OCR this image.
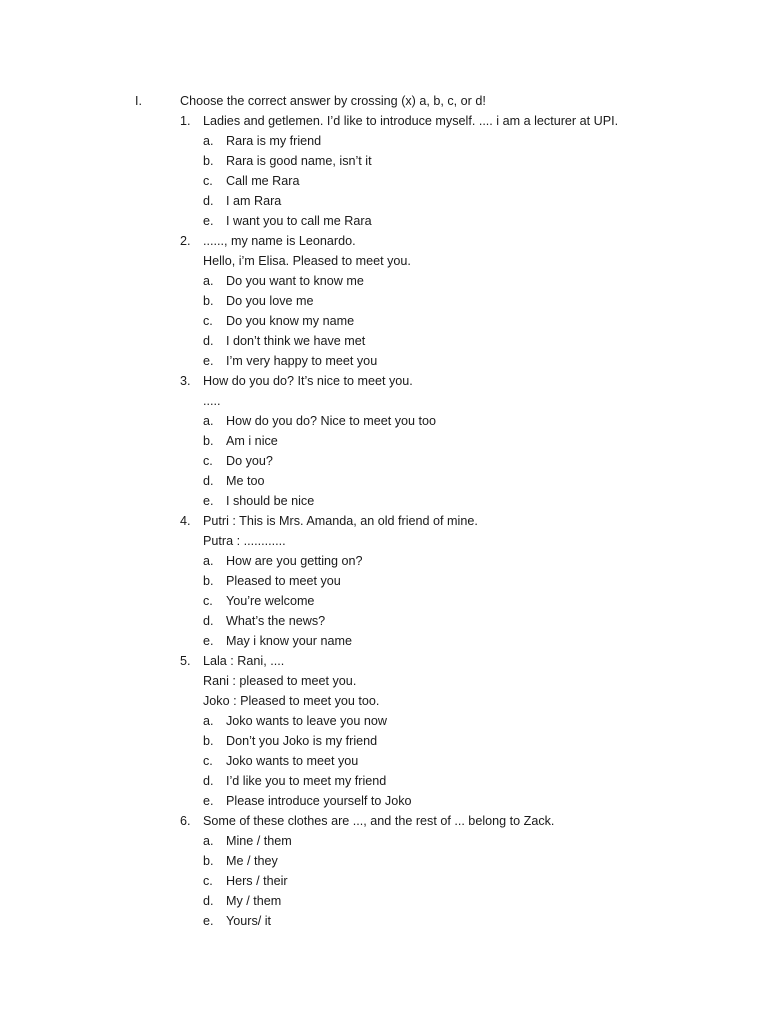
I.	Choose the correct answer by crossing (x) a, b, c, or d!
1. Ladies and getlemen. I’d like to introduce myself. .... i am a lecturer at UPI.
a. Rara is my friend
b. Rara is good name, isn’t it
c. Call me Rara
d. I am Rara
e. I want you to call me Rara
2. ......, my name is Leonardo.
Hello, i’m Elisa. Pleased to meet you.
a. Do you want to know me
b. Do you love me
c. Do you know my name
d. I don’t think we have met
e. I’m very happy to meet you
3. How do you do? It’s nice to meet you.
.....
a. How do you do? Nice to meet you too
b. Am i nice
c. Do you?
d. Me too
e. I should be nice
4. Putri : This is Mrs. Amanda, an old friend of mine.
Putra : ............
a. How are you getting on?
b. Pleased to meet you
c. You’re welcome
d. What’s the news?
e. May i know your name
5. Lala : Rani, ....
Rani : pleased to meet you.
Joko : Pleased to meet you too.
a. Joko wants to leave you now
b. Don’t you Joko is my friend
c. Joko wants to meet you
d. I’d like you to meet my friend
e. Please introduce yourself to Joko
6. Some of these clothes are ..., and the rest of ... belong to Zack.
a. Mine / them
b. Me / they
c. Hers / their
d. My / them
e. Yours/ it
